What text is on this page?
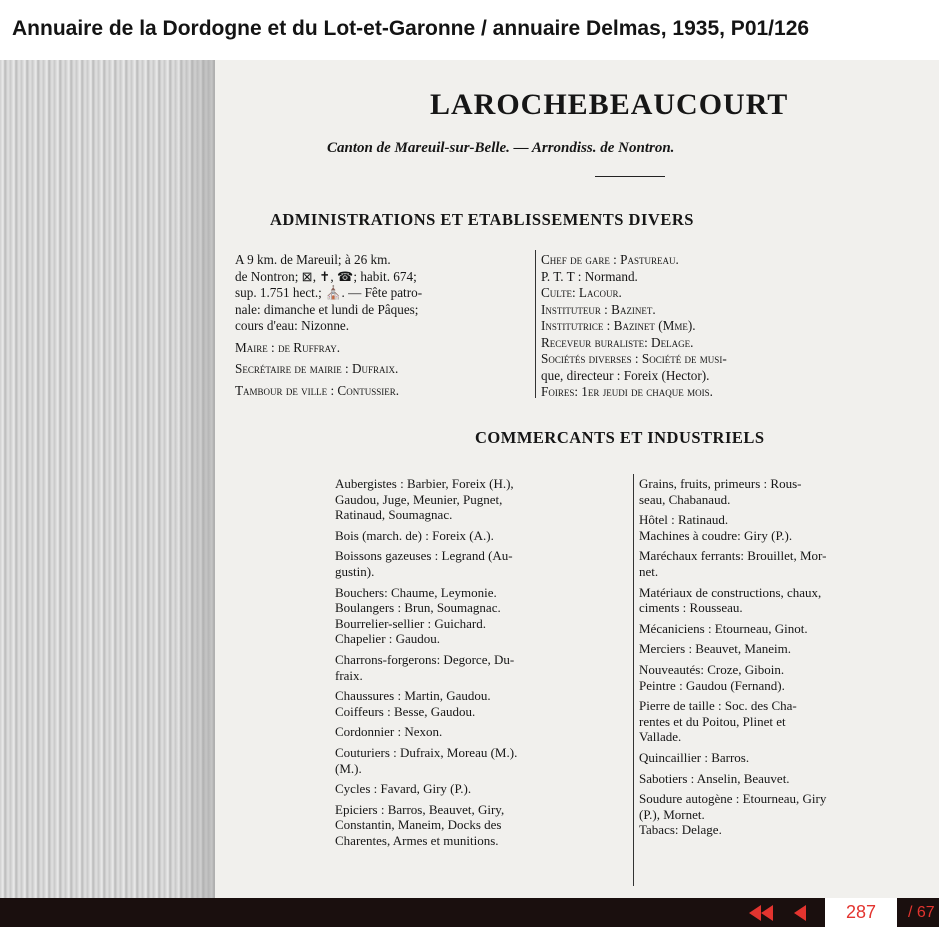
Annuaire de la Dordogne et du Lot-et-Garonne / annuaire Delmas, 1935, P01/126
LAROCHEBEAUCOURT
Canton de Mareuil-sur-Belle. — Arrondiss. de Nontron.
ADMINISTRATIONS ET ETABLISSEMENTS DIVERS

A 9 km. de Mareuil; à 26 km.

de Nontron; ⊠, ✝, ☎; habit. 674;

sup. 1.751 hect.; ⛪. — Fête patro-

nale: dimanche et lundi de Pâques;

cours d'eau: Nizonne.

Maire : de Ruffray.

Secrétaire de mairie : Dufraix.

Tambour de ville : Contussier.

Chef de gare : Pastureau.

P. T. T : Normand.

Culte: Lacour.

Instituteur : Bazinet.

Institutrice : Bazinet (Mme).

Receveur buraliste: Delage.

Sociétés diverses : Société de musi-

que, directeur : Foreix (Hector).

Foires: 1er jeudi de chaque mois.

COMMERCANTS ET INDUSTRIELS

Aubergistes : Barbier, Foreix (H.),

Gaudou, Juge, Meunier, Pugnet,

Ratinaud, Soumagnac.

Bois (march. de) : Foreix (A.).

Boissons gazeuses : Legrand (Au-

gustin).

Bouchers: Chaume, Leymonie.

Boulangers : Brun, Soumagnac.

Bourrelier-sellier : Guichard.

Chapelier : Gaudou.

Charrons-forgerons: Degorce, Du-

fraix.

Chaussures : Martin, Gaudou.

Coiffeurs : Besse, Gaudou.

Cordonnier : Nexon.

Couturiers : Dufraix, Moreau (M.).

(M.).

Cycles : Favard, Giry (P.).

Epiciers : Barros, Beauvet, Giry,

Constantin, Maneim, Docks des

Charentes, Armes et munitions.

Grains, fruits, primeurs : Rous-

seau, Chabanaud.

Hôtel : Ratinaud.

Machines à coudre: Giry (P.).

Maréchaux ferrants: Brouillet, Mor-

net.

Matériaux de constructions, chaux,

ciments : Rousseau.

Mécaniciens : Etourneau, Ginot.

Merciers : Beauvet, Maneim.

Nouveautés: Croze, Giboin.

Peintre : Gaudou (Fernand).

Pierre de taille : Soc. des Cha-

rentes et du Poitou, Plinet et

Vallade.

Quincaillier : Barros.

Sabotiers : Anselin, Beauvet.

Soudure autogène : Etourneau, Giry

(P.), Mornet.

Tabacs: Delage.

287	/ 67
